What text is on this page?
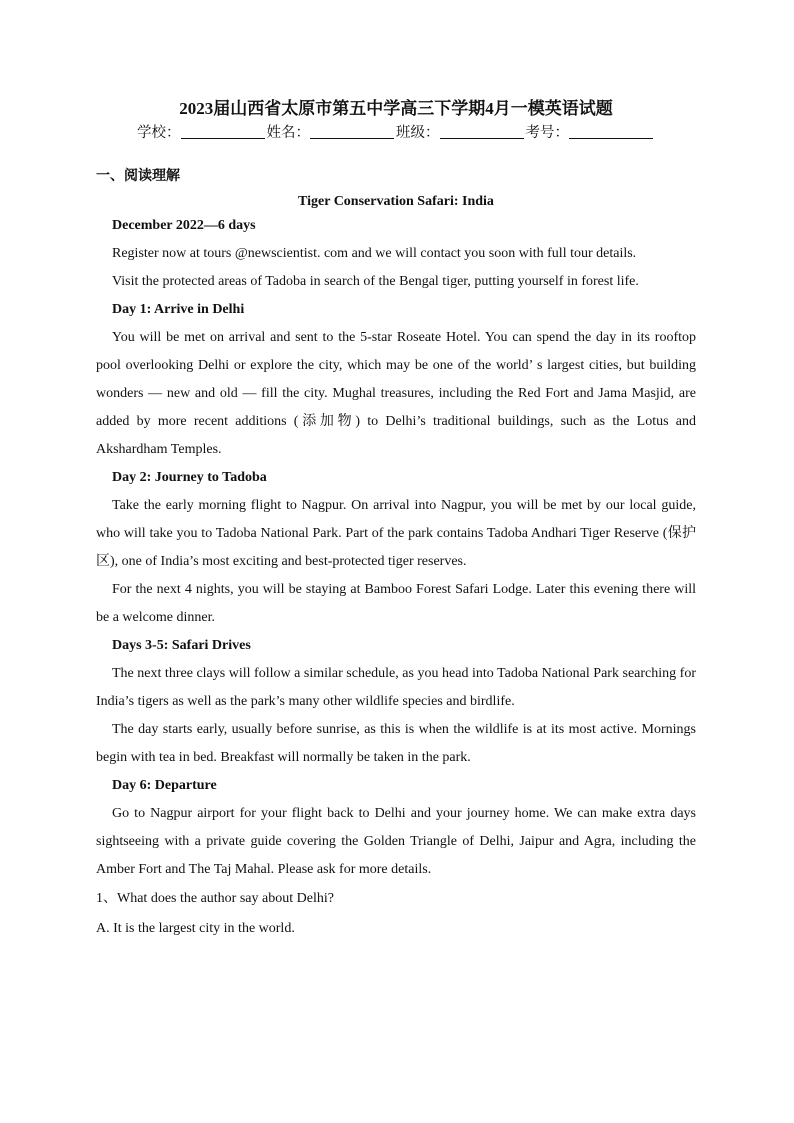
2023届山西省太原市第五中学高三下学期4月一模英语试题
学校：	姓名：	班级：	考号：
一、阅读理解
Tiger Conservation Safari: India

December 2022—6 days

Register now at tours @newscientist. com and we will contact you soon with full tour details.

Visit the protected areas of Tadoba in search of the Bengal tiger, putting yourself in forest life.

Day 1: Arrive in Delhi

You will be met on arrival and sent to the 5-star Roseate Hotel. You can spend the day in its rooftop pool overlooking Delhi or explore the city, which may be one of the world’ s largest cities, but building wonders — new and old — fill the city. Mughal treasures, including the Red Fort and Jama Masjid, are added by more recent additions (添加物) to Delhi’s traditional buildings, such as the Lotus and Akshardham Temples.

Day 2: Journey to Tadoba

Take the early morning flight to Nagpur. On arrival into Nagpur, you will be met by our local guide, who will take you to Tadoba National Park. Part of the park contains Tadoba Andhari Tiger Reserve (保护区), one of India’s most exciting and best-protected tiger reserves.

For the next 4 nights, you will be staying at Bamboo Forest Safari Lodge. Later this evening there will be a welcome dinner.

Days 3-5: Safari Drives

The next three clays will follow a similar schedule, as you head into Tadoba National Park searching for India’s tigers as well as the park’s many other wildlife species and birdlife.

The day starts early, usually before sunrise, as this is when the wildlife is at its most active. Mornings begin with tea in bed. Breakfast will normally be taken in the park.

Day 6: Departure

Go to Nagpur airport for your flight back to Delhi and your journey home. We can make extra days sightseeing with a private guide covering the Golden Triangle of Delhi, Jaipur and Agra, including the Amber Fort and The Taj Mahal. Please ask for more details.

1、What does the author say about Delhi?

A. It is the largest city in the world.
